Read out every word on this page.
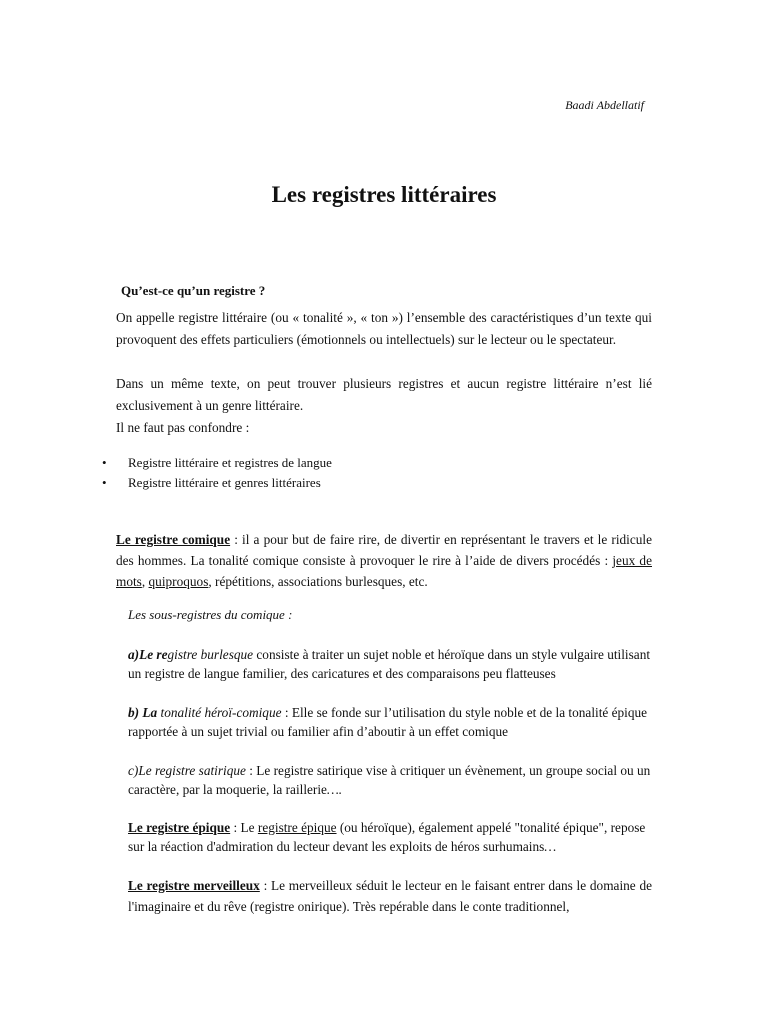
Baadi Abdellatif
Les registres littéraires
Qu’est-ce qu’un registre ?
On appelle registre littéraire (ou « tonalité », « ton ») l’ensemble des caractéristiques d’un texte qui provoquent des effets particuliers (émotionnels ou intellectuels) sur le lecteur ou le spectateur.
Dans un même texte, on peut trouver plusieurs registres et aucun registre littéraire n’est lié exclusivement à un genre littéraire.
Il ne faut pas confondre :
• Registre littéraire et registres de langue
• Registre littéraire et genres littéraires
Le registre comique : il a pour but de faire rire, de divertir en représentant le travers et le ridicule des hommes. La tonalité comique consiste à provoquer le rire à l’aide de divers procédés : jeux de mots, quiproquos, répétitions, associations burlesques, etc.
Les sous-registres du comique :
a)Le registre burlesque consiste à traiter un sujet noble et héroïque dans un style vulgaire utilisant un registre de langue familier, des caricatures et des comparaisons peu flatteuses
b) La tonalité héroï-comique : Elle se fonde sur l’utilisation du style noble et de la tonalité épique rapportée à un sujet trivial ou familier afin d’aboutir à un effet comique
c)Le registre satirique : Le registre satirique vise à critiquer un évènement, un groupe social ou un caractère, par la moquerie, la raillerie….
Le registre épique : Le registre épique (ou héroïque), également appelé "tonalité épique", repose sur la réaction d'admiration du lecteur devant les exploits de héros surhumains…
Le registre merveilleux : Le merveilleux séduit le lecteur en le faisant entrer dans le domaine de l'imaginaire et du rêve (registre onirique). Très repérable dans le conte traditionnel,
